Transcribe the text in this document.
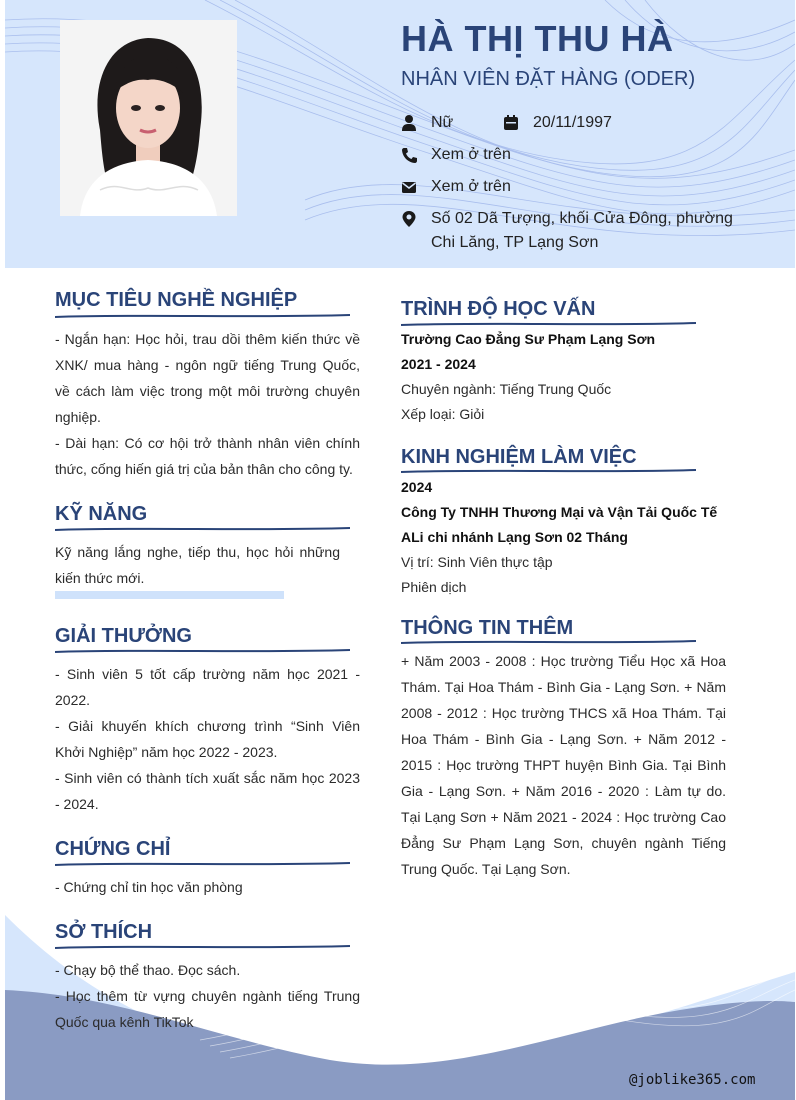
HÀ THỊ THU HÀ
NHÂN VIÊN ĐẶT HÀNG (ODER)
Nữ	20/11/1997
Xem ở trên
Xem ở trên
Số 02 Dã Tượng, khối Cửa Đông, phường Chi Lăng, TP Lạng Sơn
MỤC TIÊU NGHỀ NGHIỆP

- Ngắn hạn: Học hỏi, trau dồi thêm kiến thức về XNK/ mua hàng - ngôn ngữ tiếng Trung Quốc, về cách làm việc trong một môi trường chuyên nghiệp.

- Dài hạn: Có cơ hội trở thành nhân viên chính thức, cống hiến giá trị của bản thân cho công ty.

KỸ NĂNG
Kỹ năng lắng nghe, tiếp thu, học hỏi những kiến thức mới.
GIẢI THƯỞNG

- Sinh viên 5 tốt cấp trường năm học 2021 - 2022.

- Giải khuyến khích chương trình “Sinh Viên Khởi Nghiệp” năm học 2022 - 2023.

- Sinh viên có thành tích xuất sắc năm học 2023 - 2024.

CHỨNG CHỈ
- Chứng chỉ tin học văn phòng
SỞ THÍCH

- Chạy bộ thể thao. Đọc sách.

- Học thêm từ vựng chuyên ngành tiếng Trung Quốc qua kênh TikTok

TRÌNH ĐỘ HỌC VẤN

Trường Cao Đẳng Sư Phạm Lạng Sơn

2021 - 2024

Chuyên ngành: Tiếng Trung Quốc

Xếp loại: Giỏi

KINH NGHIỆM LÀM VIỆC

2024

Công Ty TNHH Thương Mại và Vận Tải Quốc Tế ALi chi nhánh Lạng Sơn 02 Tháng

Vị trí: Sinh Viên thực tập

Phiên dịch

THÔNG TIN THÊM
+ Năm 2003 - 2008 : Học trường Tiểu Học xã Hoa Thám. Tại Hoa Thám - Bình Gia - Lạng Sơn. + Năm 2008 - 2012 : Học trường THCS xã Hoa Thám. Tại Hoa Thám - Bình Gia - Lạng Sơn. + Năm 2012 - 2015 : Học trường THPT huyện Bình Gia. Tại Bình Gia - Lạng Sơn. + Năm 2016 - 2020 : Làm tự do. Tại Lạng Sơn + Năm 2021 - 2024 : Học trường Cao Đẳng Sư Phạm Lạng Sơn, chuyên ngành Tiếng Trung Quốc. Tại Lạng Sơn.
@joblike365.com
